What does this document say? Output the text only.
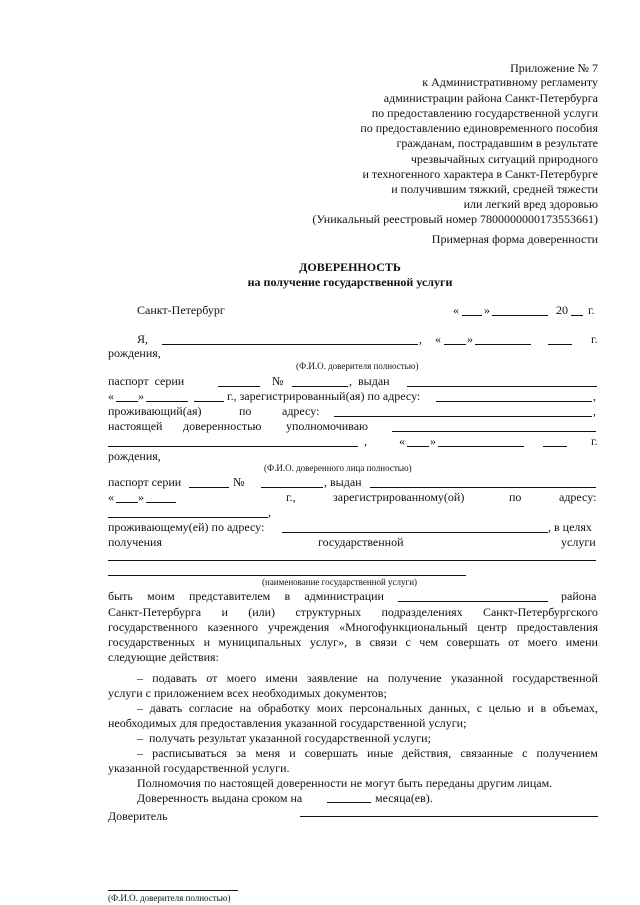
Приложение № 7
к Административному регламенту
администрации района Санкт-Петербурга
по предоставлению государственной услуги
по предоставлению единовременного пособия
гражданам, пострадавшим в результате
чрезвычайных ситуаций природного
и техногенного характера в Санкт-Петербурге
и получившим тяжкий, средней тяжести
или легкий вред здоровью
(Уникальный реестровый номер 7800000000173553661)
Примерная форма доверенности
ДОВЕРЕННОСТЬ
на получение государственной услуги
Санкт-Петербург	« »	20 г.
Я,	, « »	г.
рождения,
(Ф.И.О. доверителя полностью)
паспорт  серии	№	,  выдан
« »	г., зарегистрированный(ая) по адресу:	,
проживающий(ая)	по	адресу:	,
настоящей доверенностью уполномочиваю
,	« »	г.
рождения,
(Ф.И.О. доверенного лица полностью)
паспорт серии	№	, выдан
« »	г.,	зарегистрированному(ой)	по	адресу:
,
проживающему(ей) по адресу:	, в целях
получения	государственной	услуги
(наименование государственной услуги)
быть моим представителем в администрации	района
Санкт-Петербурга и (или) структурных подразделениях Санкт-Петербургского
государственного казенного учреждения «Многофункциональный центр предоставления
государственных и муниципальных услуг», в связи с чем совершать от моего имени
следующие действия:
– подавать от моего имени заявление на получение указанной государственной
услуги с приложением всех необходимых документов;
– давать согласие на обработку моих персональных данных, с целью и в объемах,
необходимых для предоставления указанной государственной услуги;
–  получать результат указанной государственной услуги;
– расписываться за меня и совершать иные действия, связанные с получением
указанной государственной услуги.
Полномочия по настоящей доверенности не могут быть переданы другим лицам.
Доверенность выдана сроком на	месяца(ев).
Доверитель
(Ф.И.О. доверителя полностью)
